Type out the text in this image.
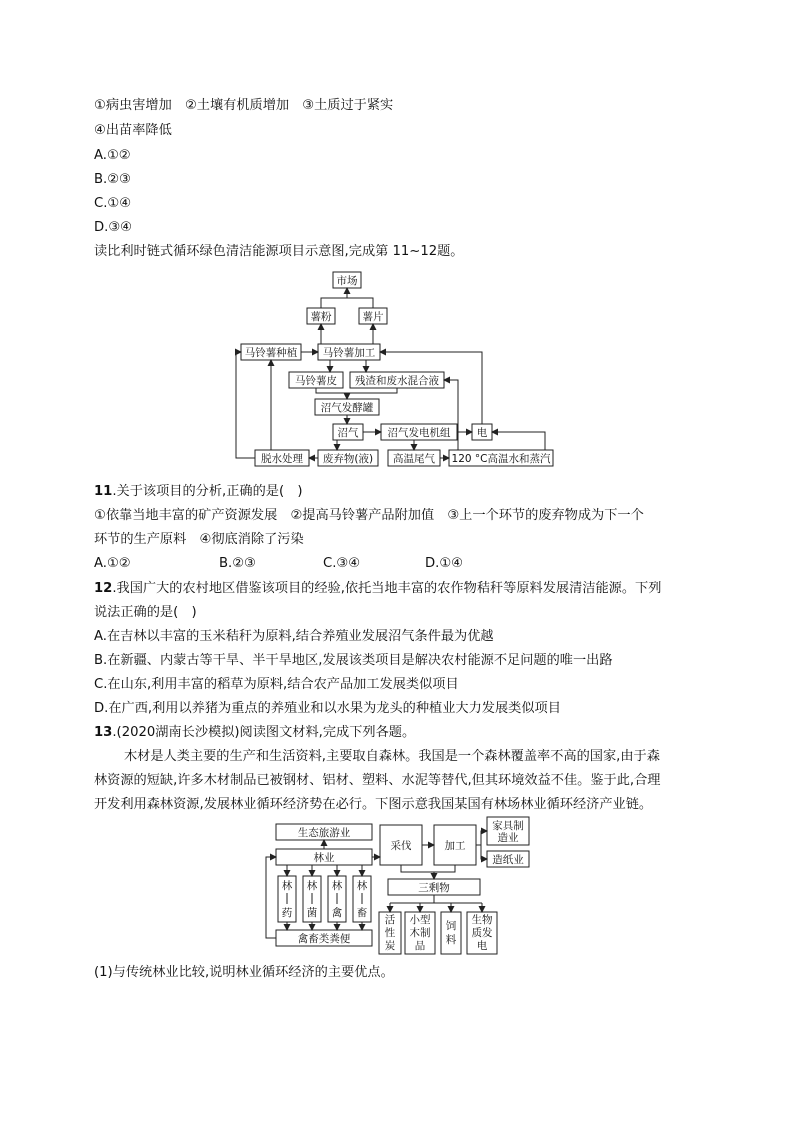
①病虫害增加　②土壤有机质增加　③土质过于紧实
④出苗率降低
A.①②
B.②③
C.①④
D.③④
读比利时链式循环绿色清洁能源项目示意图,完成第 11~12题。
市场
薯粉	薯片
马铃薯种植 马铃薯加工
马铃薯皮 残渣和废水混合液
沼气发酵罐
沼气	沼气发电机组	电
脱水处理 废弃物(液) 高温尾气 120 °C高温水和蒸汽
11.关于该项目的分析,正确的是(　)
①依靠当地丰富的矿产资源发展　②提高马铃薯产品附加值　③上一个环节的废弃物成为下一个
环节的生产原料　④彻底消除了污染
A.①②	B.②③	C.③④	D.①④
12.我国广大的农村地区借鉴该项目的经验,依托当地丰富的农作物秸秆等原料发展清洁能源。下列
说法正确的是(　)
A.在吉林以丰富的玉米秸秆为原料,结合养殖业发展沼气条件最为优越
B.在新疆、内蒙古等干旱、半干旱地区,发展该类项目是解决农村能源不足问题的唯一出路
C.在山东,利用丰富的稻草为原料,结合农产品加工发展类似项目
D.在广西,利用以养猪为重点的养殖业和以水果为龙头的种植业大力发展类似项目
13.(2020湖南长沙模拟)阅读图文材料,完成下列各题。
木材是人类主要的生产和生活资料,主要取自森林。我国是一个森林覆盖率不高的国家,由于森
林资源的短缺,许多木材制品已被钢材、铝材、塑料、水泥等替代,但其环境效益不佳。鉴于此,合理
开发利用森林资源,发展林业循环经济势在必行。下图示意我国某国有林场林业循环经济产业链。
生态旅游业
林业
采伐	加工
家具制
造业
造纸业
林
药
林
菌
林
禽
林
畜
禽畜类粪便
三剩物
活
性
炭
小型
木制
品
饲
料
生物
质发
电
(1)与传统林业比较,说明林业循环经济的主要优点。
